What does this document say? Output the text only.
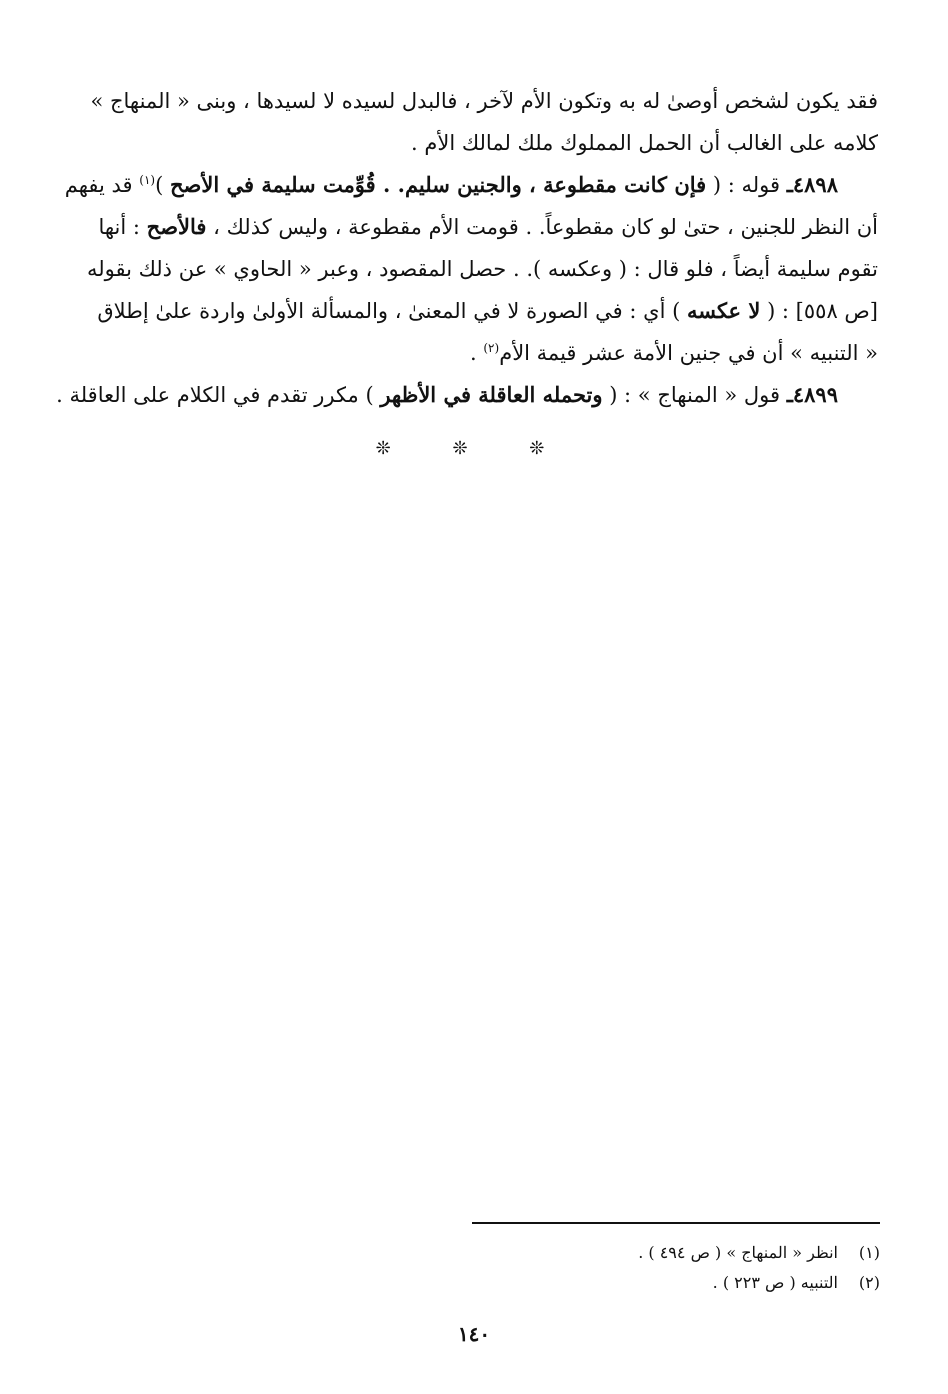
فقد يكون لشخص أوصىٰ له به وتكون الأم لآخر ، فالبدل لسيده لا لسيدها ، وبنى « المنهاج »
كلامه على الغالب أن الحمل المملوك ملك لمالك الأم .

٤٨٩٨ـ قوله : ( فإن كانت مقطوعة ، والجنين سليم. . قُوِّمت سليمة في الأصح )$^{(١)}$ قد يفهم
أن النظر للجنين ، حتىٰ لو كان مقطوعاً. . قومت الأم مقطوعة ، وليس كذلك ، فالأصح : أنها
تقوم سليمة أيضاً ، فلو قال : ( وعكسه ). . حصل المقصود ، وعبر « الحاوي » عن ذلك بقوله
[ص ٥٥٨] : ( لا عكسه ) أي : في الصورة لا في المعنىٰ ، والمسألة الأولىٰ واردة علىٰ إطلاق
« التنبيه » أن في جنين الأمة عشر قيمة الأم$^{(٢)}$ .

٤٨٩٩ـ قول « المنهاج » : ( وتحمله العاقلة في الأظهر ) مكرر تقدم في الكلام على العاقلة .

❊ ❊ ❊
(١)انظر « المنهاج » ( ص ٤٩٤ ) .
(٢)التنبيه ( ص ٢٢٣ ) .
١٤٠
